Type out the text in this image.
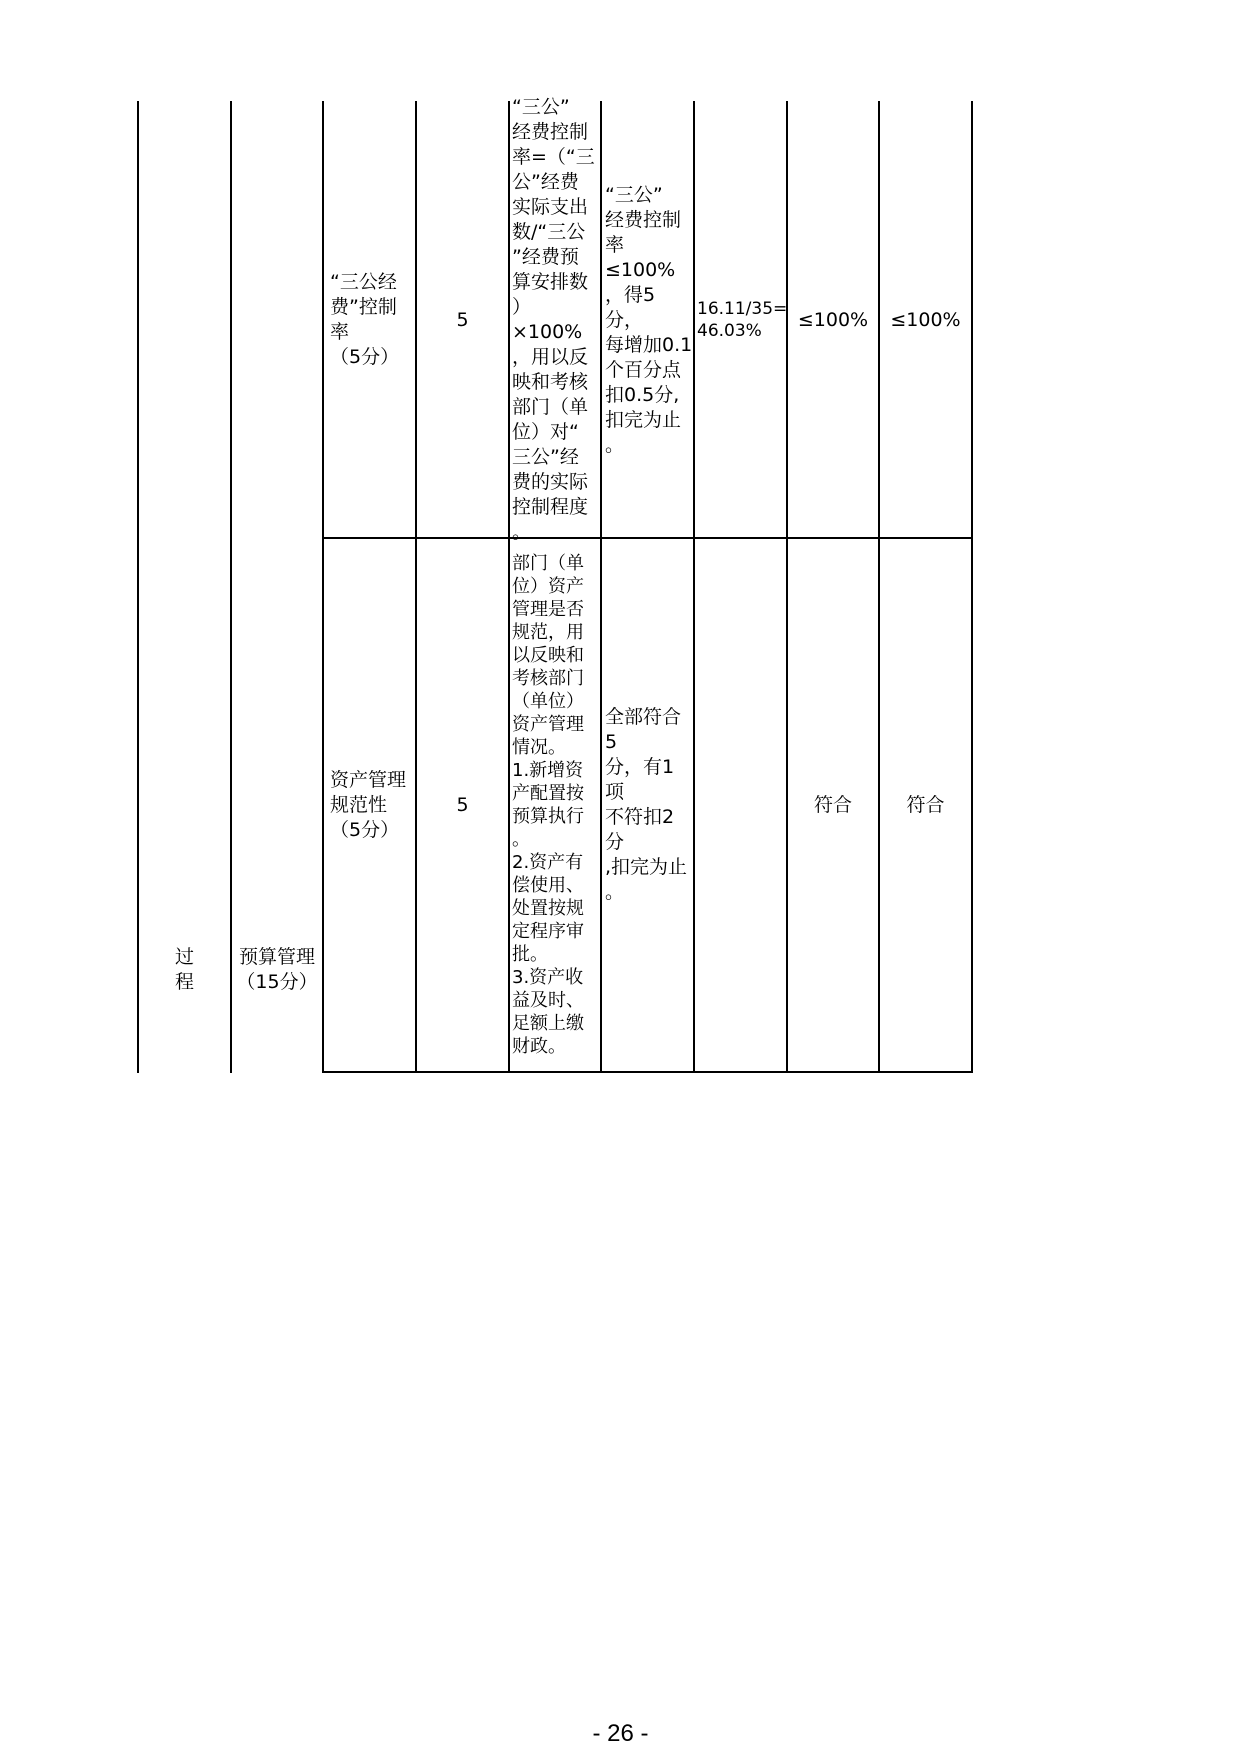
过
程
预算管理
（15分）
“三公经
费”控制
率
（5分）
5
“三公”
经费控制
率=（“三
公”经费
实际支出
数/“三公
”经费预
算安排数
）×100%
，用以反
映和考核
部门（单
位）对“
三公”经
费的实际
控制程度
。
“三公”
经费控制
率 ≤100%
，得5分，
每增加0.1
个百分点
扣0.5分,
扣完为止
。
16.11/35=
46.03%
≤100% ≤100%
资产管理
规范性
（5分）
5
部门（单
位）资产
管理是否
规范，用
以反映和
考核部门
（单位）
资产管理
情况。
1.新增资
产配置按
预算执行
。
2.资产有
偿使用、
处置按规
定程序审
批。
3.资产收
益及时、
足额上缴
财政。
全部符合5
分，有1项
不符扣2分
,扣完为止
。
符合	符合
- 26 -
